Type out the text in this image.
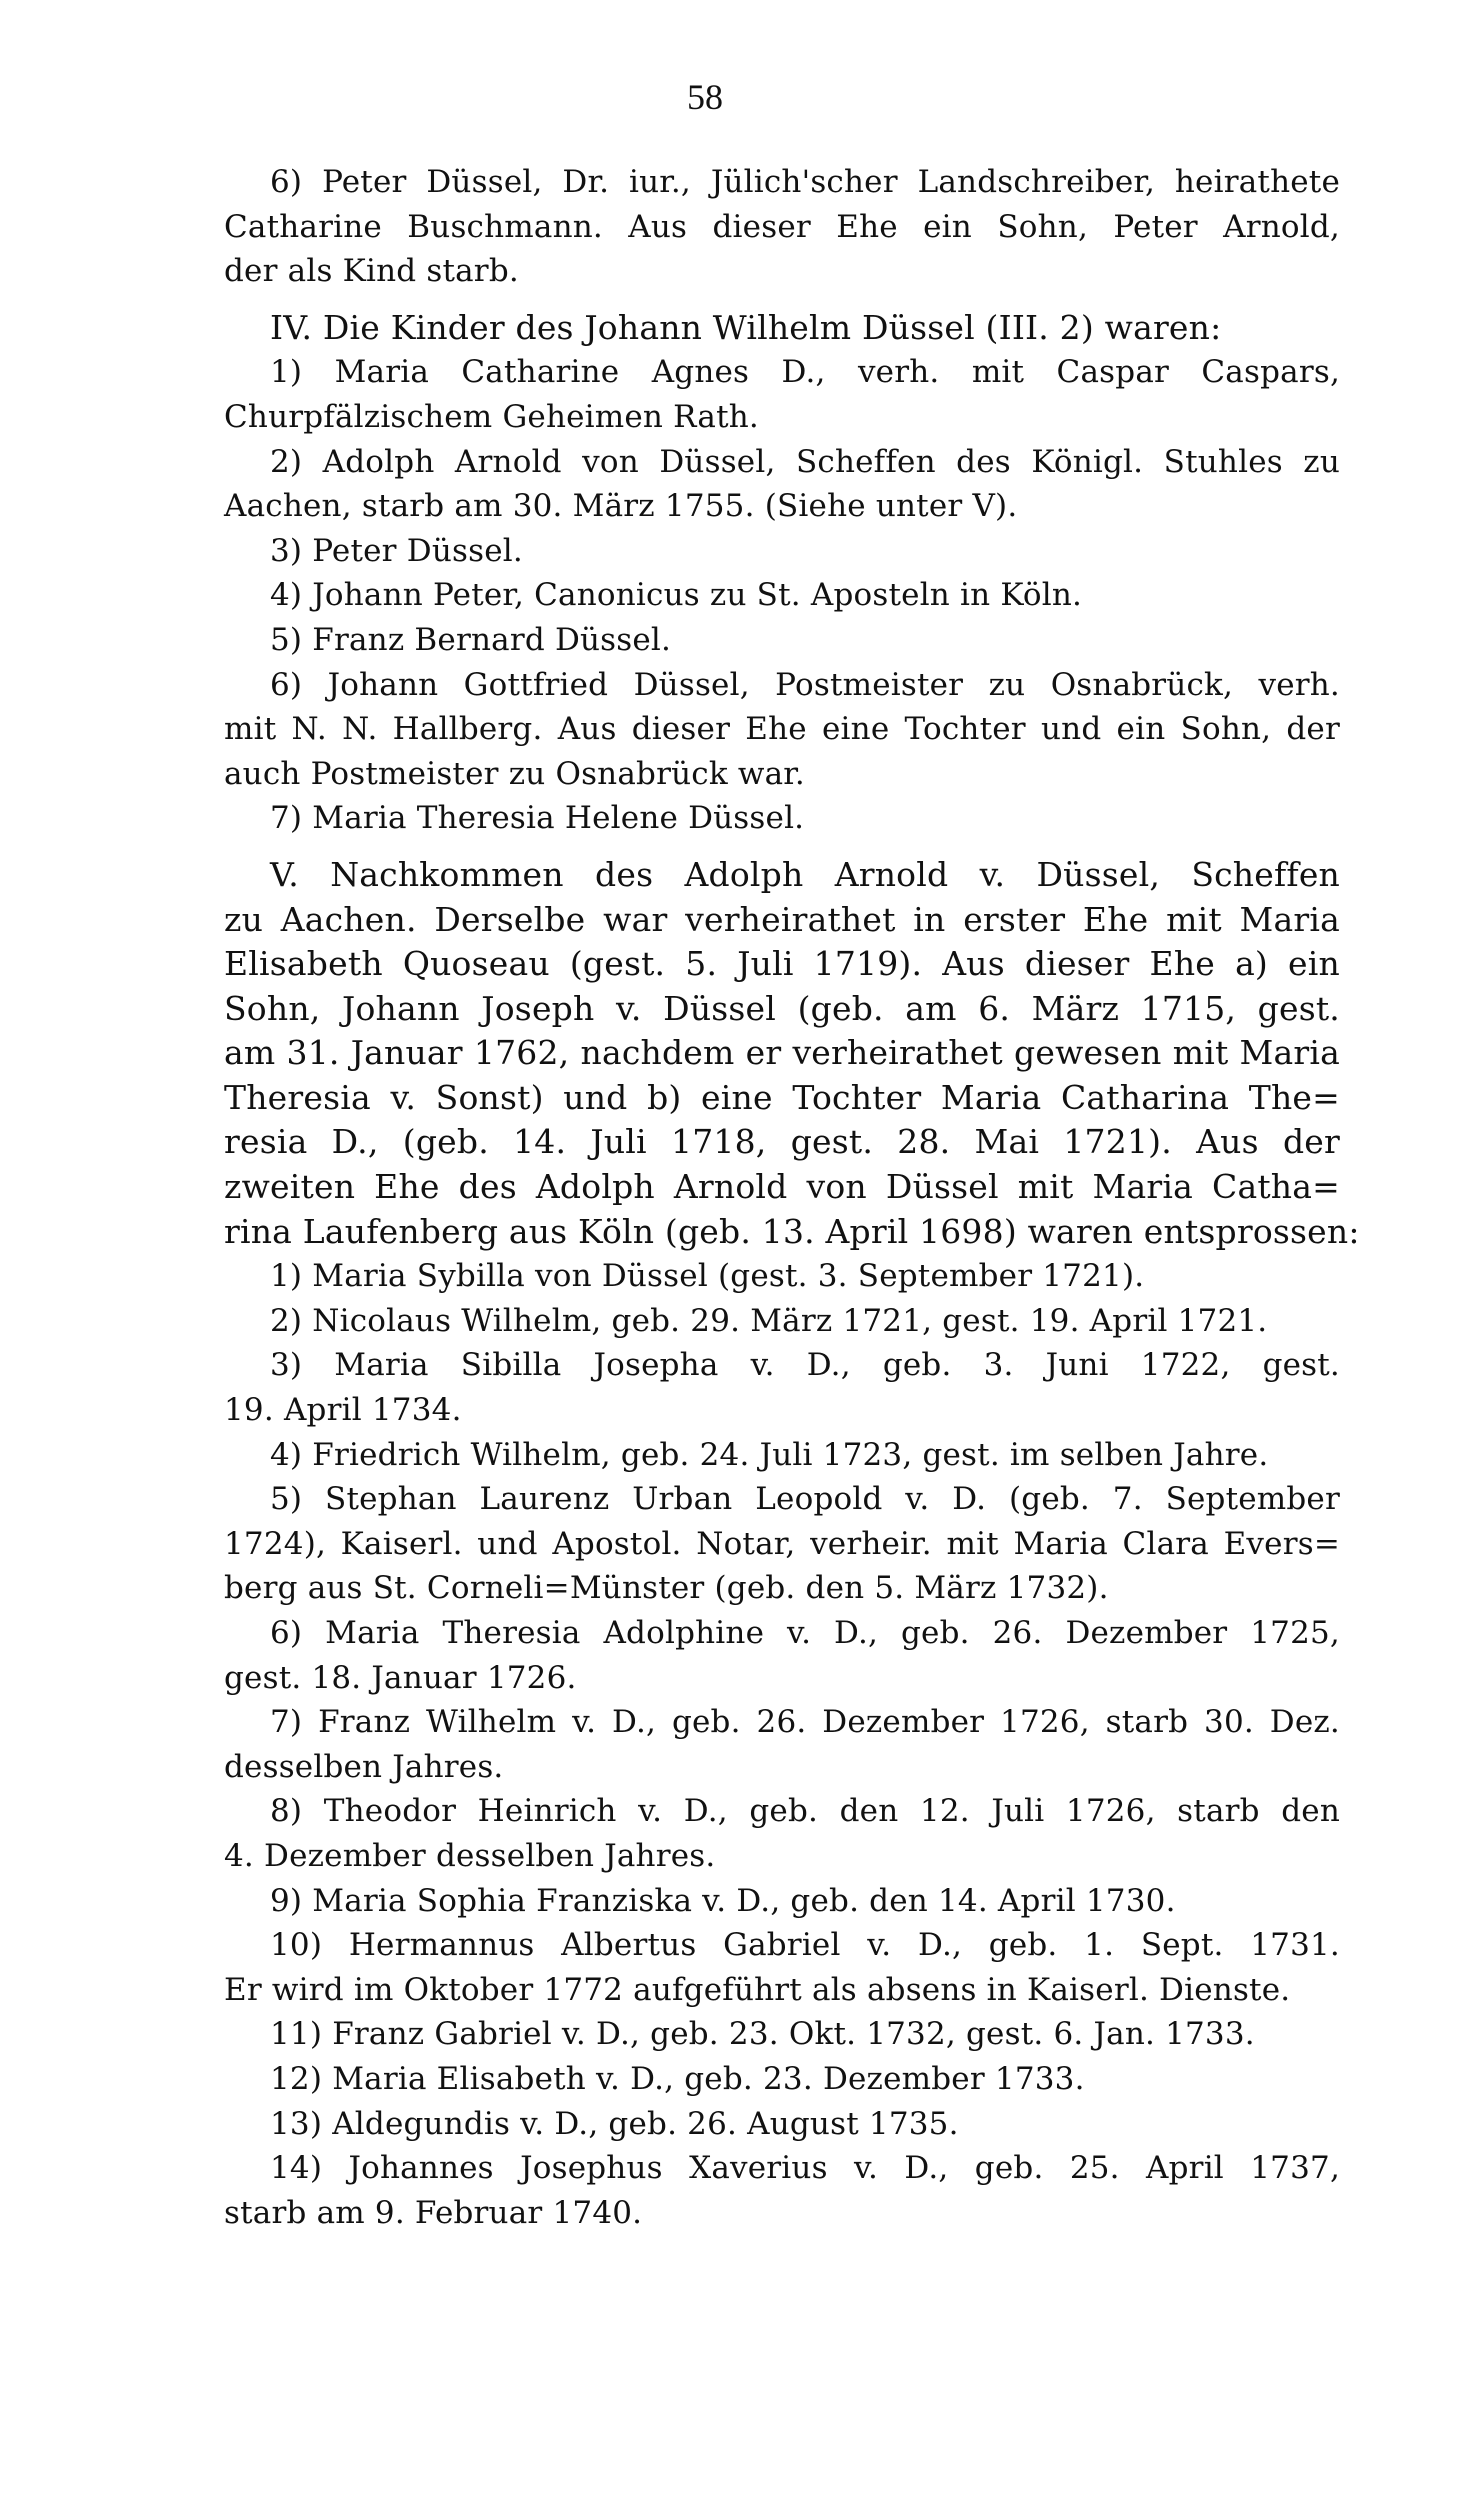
58
6) Peter Düssel, Dr. iur., Jülich'scher Landschreiber, heirathete
Catharine Buschmann. Aus dieser Ehe ein Sohn, Peter Arnold,
der als Kind starb.
IV. Die Kinder des Johann Wilhelm Düssel (III. 2) waren:
1) Maria Catharine Agnes D., verh. mit Caspar Caspars,
Churpfälzischem Geheimen Rath.
2) Adolph Arnold von Düssel, Scheffen des Königl. Stuhles zu
Aachen, starb am 30. März 1755. (Siehe unter V).
3) Peter Düssel.
4) Johann Peter, Canonicus zu St. Aposteln in Köln.
5) Franz Bernard Düssel.
6) Johann Gottfried Düssel, Postmeister zu Osnabrück, verh.
mit N. N. Hallberg. Aus dieser Ehe eine Tochter und ein Sohn, der
auch Postmeister zu Osnabrück war.
7) Maria Theresia Helene Düssel.
V. Nachkommen des Adolph Arnold v. Düssel, Scheffen
zu Aachen. Derselbe war verheirathet in erster Ehe mit Maria
Elisabeth Quoseau (gest. 5. Juli 1719). Aus dieser Ehe a) ein
Sohn, Johann Joseph v. Düssel (geb. am 6. März 1715, gest.
am 31. Januar 1762, nachdem er verheirathet gewesen mit Maria
Theresia v. Sonst) und b) eine Tochter Maria Catharina The=
resia D., (geb. 14. Juli 1718, gest. 28. Mai 1721). Aus der
zweiten Ehe des Adolph Arnold von Düssel mit Maria Catha=
rina Laufenberg aus Köln (geb. 13. April 1698) waren entsprossen:
1) Maria Sybilla von Düssel (gest. 3. September 1721).
2) Nicolaus Wilhelm, geb. 29. März 1721, gest. 19. April 1721.
3) Maria Sibilla Josepha v. D., geb. 3. Juni 1722, gest.
19. April 1734.
4) Friedrich Wilhelm, geb. 24. Juli 1723, gest. im selben Jahre.
5) Stephan Laurenz Urban Leopold v. D. (geb. 7. September
1724), Kaiserl. und Apostol. Notar, verheir. mit Maria Clara Evers=
berg aus St. Corneli=Münster (geb. den 5. März 1732).
6) Maria Theresia Adolphine v. D., geb. 26. Dezember 1725,
gest. 18. Januar 1726.
7) Franz Wilhelm v. D., geb. 26. Dezember 1726, starb 30. Dez.
desselben Jahres.
8) Theodor Heinrich v. D., geb. den 12. Juli 1726, starb den
4. Dezember desselben Jahres.
9) Maria Sophia Franziska v. D., geb. den 14. April 1730.
10) Hermannus Albertus Gabriel v. D., geb. 1. Sept. 1731.
Er wird im Oktober 1772 aufgeführt als absens in Kaiserl. Dienste.
11) Franz Gabriel v. D., geb. 23. Okt. 1732, gest. 6. Jan. 1733.
12) Maria Elisabeth v. D., geb. 23. Dezember 1733.
13) Aldegundis v. D., geb. 26. August 1735.
14) Johannes Josephus Xaverius v. D., geb. 25. April 1737,
starb am 9. Februar 1740.
